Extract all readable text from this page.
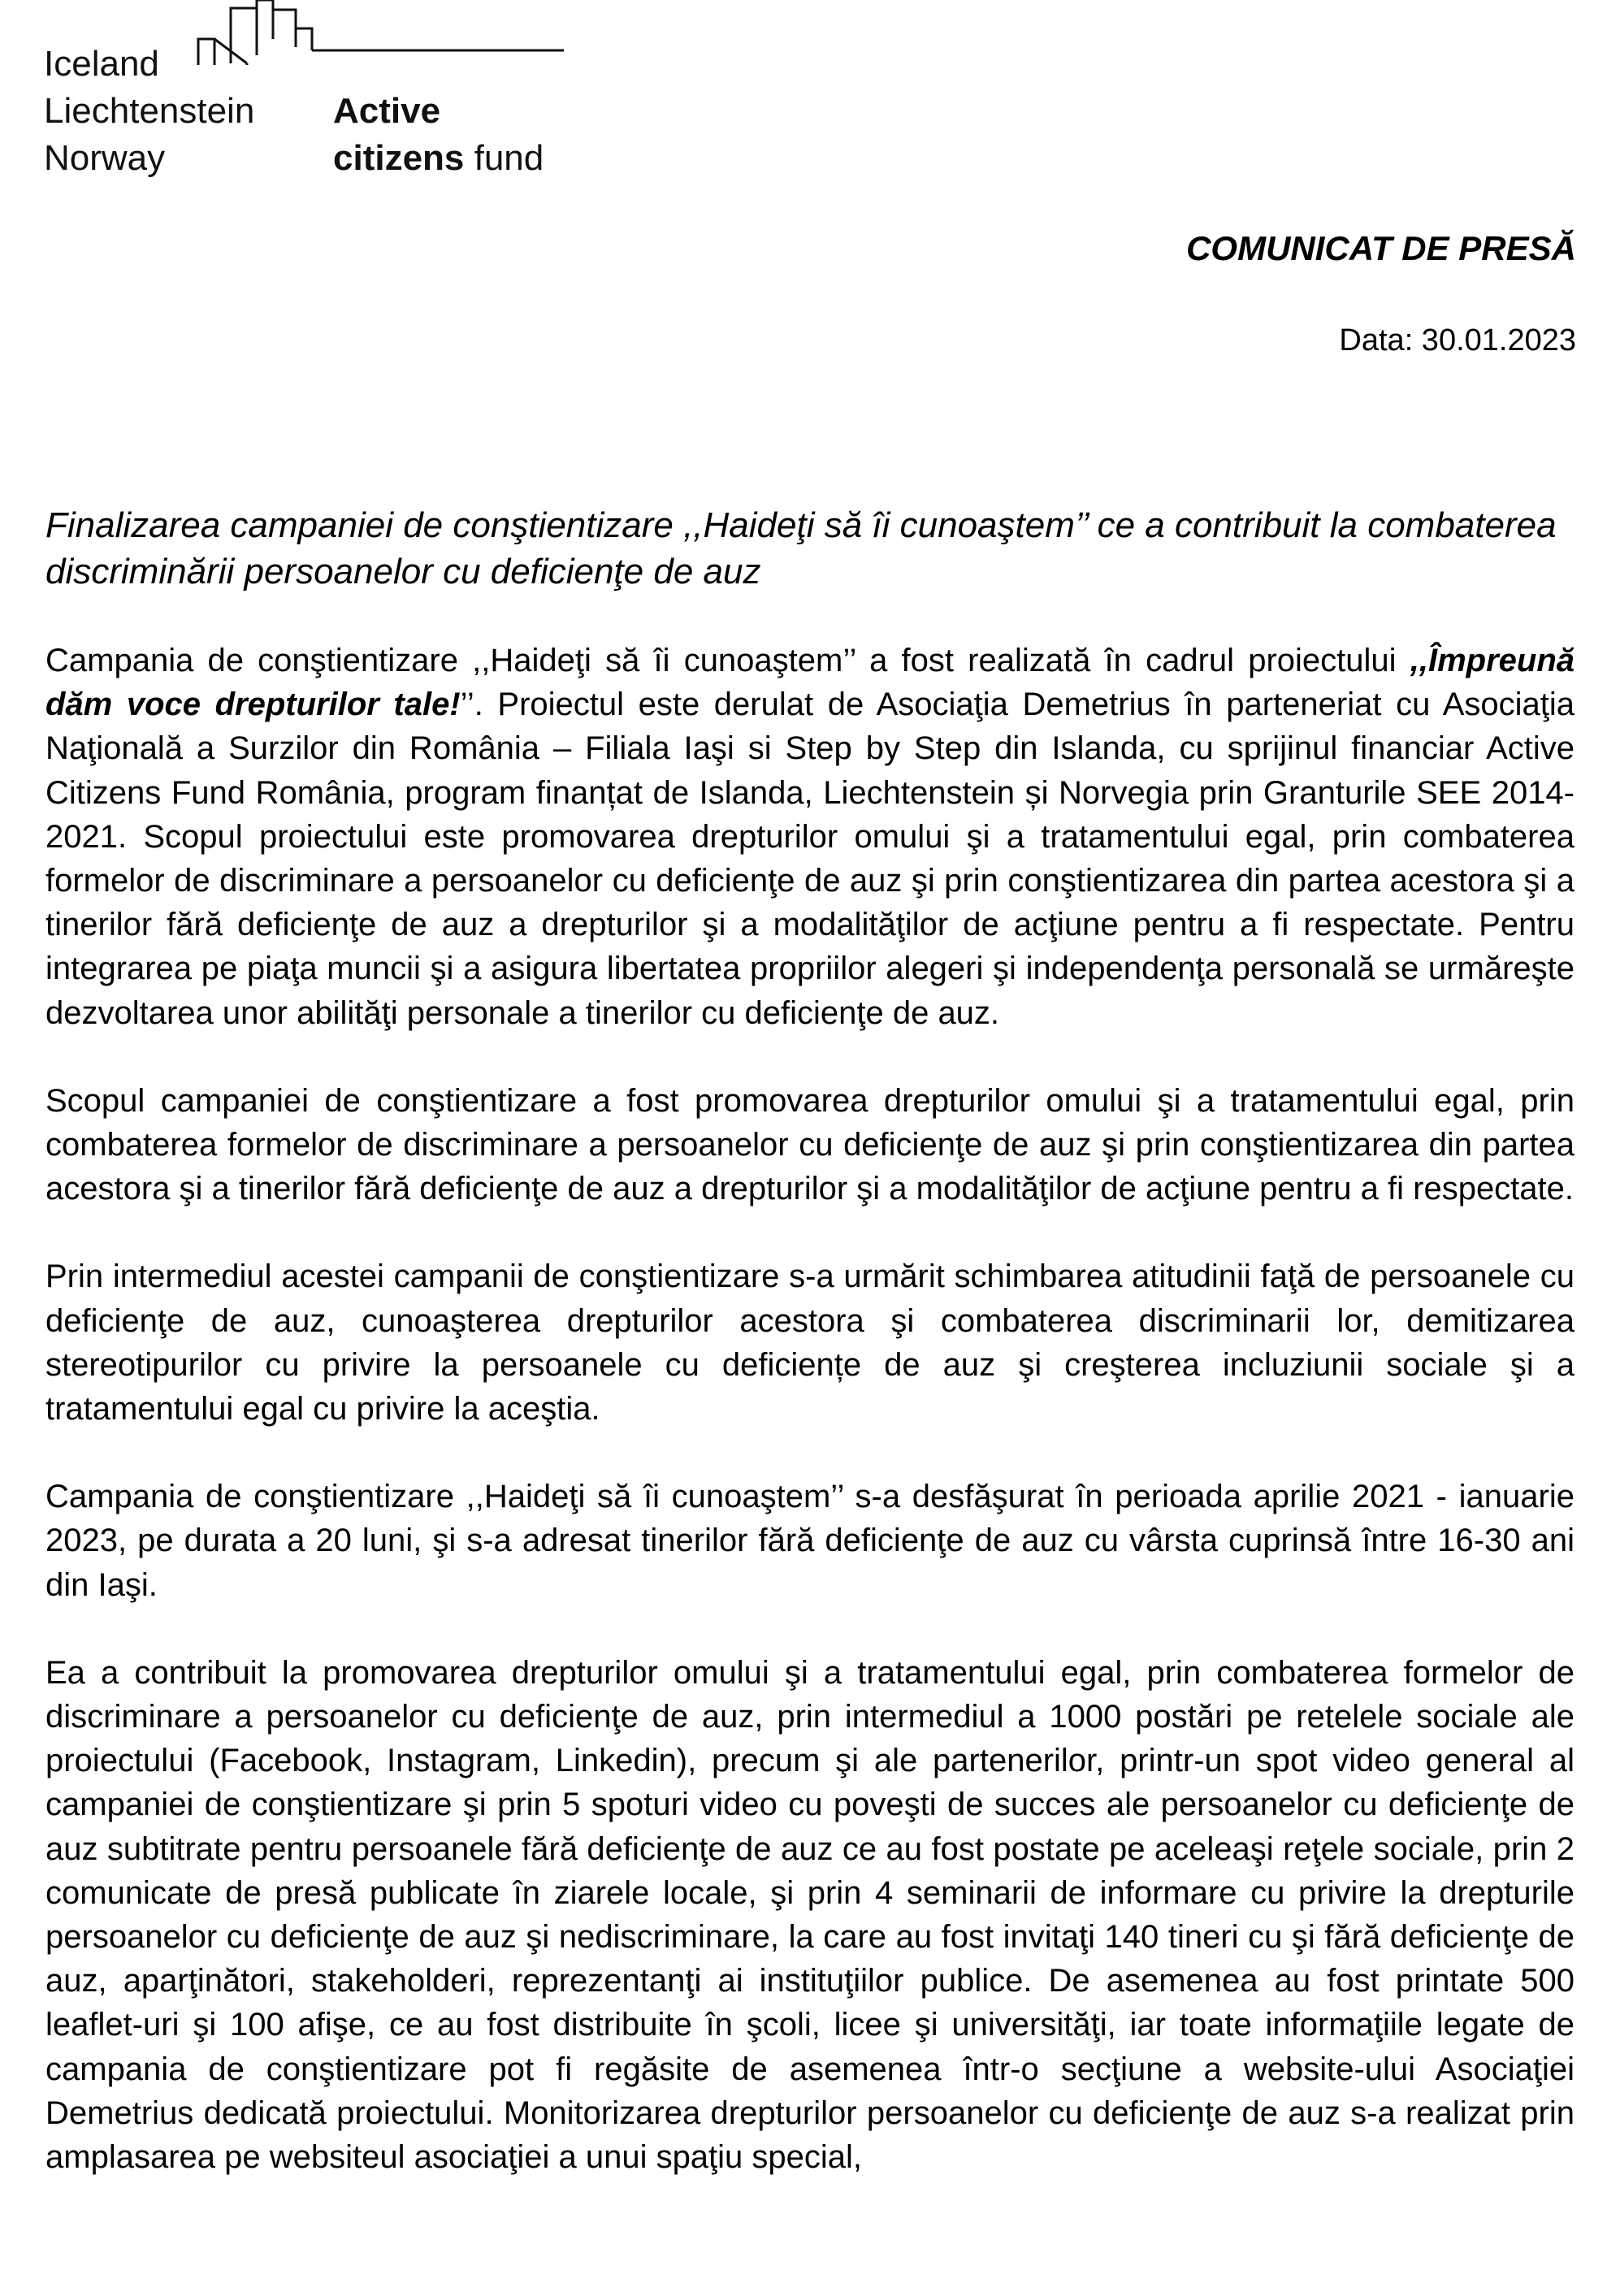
Iceland
Liechtenstein
Norway
Active
citizens fund
COMUNICAT DE PRESĂ
Data: 30.01.2023
Finalizarea campaniei de conştientizare ,,Haideţi să îi cunoaştem’’ ce a contribuit la combaterea discriminării persoanelor cu deficienţe de auz

Campania de conştientizare ,,Haideţi să îi cunoaştem’’ a fost realizată în cadrul proiectului ,,Împreună dăm voce drepturilor tale!’’. Proiectul este derulat de Asociaţia Demetrius în parteneriat cu Asociaţia Naţională a Surzilor din România – Filiala Iaşi si Step by Step din Islanda, cu sprijinul financiar Active Citizens Fund România, program finanțat de Islanda, Liechtenstein și Norvegia prin Granturile SEE 2014-2021. Scopul proiectului este promovarea drepturilor omului şi a tratamentului egal, prin combaterea formelor de discriminare a persoanelor cu deficienţe de auz şi prin conştientizarea din partea acestora şi a tinerilor fără deficienţe de auz a drepturilor şi a modalităţilor de acţiune pentru a fi respectate. Pentru integrarea pe piaţa muncii şi a asigura libertatea propriilor alegeri şi independenţa personală se urmăreşte dezvoltarea unor abilităţi personale a tinerilor cu deficienţe de auz.

Scopul campaniei de conştientizare a fost promovarea drepturilor omului şi a tratamentului egal, prin combaterea formelor de discriminare a persoanelor cu deficienţe de auz şi prin conştientizarea din partea acestora şi a tinerilor fără deficienţe de auz a drepturilor şi a modalităţilor de acţiune pentru a fi respectate.

Prin intermediul acestei campanii de conştientizare s-a urmărit schimbarea atitudinii faţă de persoanele cu deficienţe de auz, cunoaşterea drepturilor acestora şi combaterea discriminarii lor, demitizarea stereotipurilor cu privire la persoanele cu deficiențe de auz şi creşterea incluziunii sociale şi a tratamentului egal cu privire la aceştia.

Campania de conştientizare ,,Haideţi să îi cunoaştem’’ s-a desfăşurat în perioada aprilie 2021 - ianuarie 2023, pe durata a 20 luni, şi s-a adresat tinerilor fără deficienţe de auz cu vârsta cuprinsă între 16-30 ani din Iaşi.

Ea a contribuit la promovarea drepturilor omului şi a tratamentului egal, prin combaterea formelor de discriminare a persoanelor cu deficienţe de auz, prin intermediul a 1000 postări pe retelele sociale ale proiectului (Facebook, Instagram, Linkedin), precum şi ale partenerilor, printr-un spot video general al campaniei de conştientizare şi prin 5 spoturi video cu poveşti de succes ale persoanelor cu deficienţe de auz subtitrate pentru persoanele fără deficienţe de auz ce au fost postate pe aceleaşi reţele sociale, prin 2 comunicate de presă publicate în ziarele locale, şi prin 4 seminarii de informare cu privire la drepturile persoanelor cu deficienţe de auz şi nediscriminare, la care au fost invitaţi 140 tineri cu şi fără deficienţe de auz, aparţinători, stakeholderi, reprezentanţi ai instituţiilor publice. De asemenea au fost printate 500 leaflet-uri şi 100 afişe, ce au fost distribuite în şcoli, licee şi universităţi, iar toate informaţiile legate de campania de conştientizare pot fi regăsite de asemenea într-o secţiune a website-ului Asociaţiei Demetrius dedicată proiectului. Monitorizarea drepturilor persoanelor cu deficienţe de auz s-a realizat prin amplasarea pe websiteul asociaţiei a unui spaţiu special,
